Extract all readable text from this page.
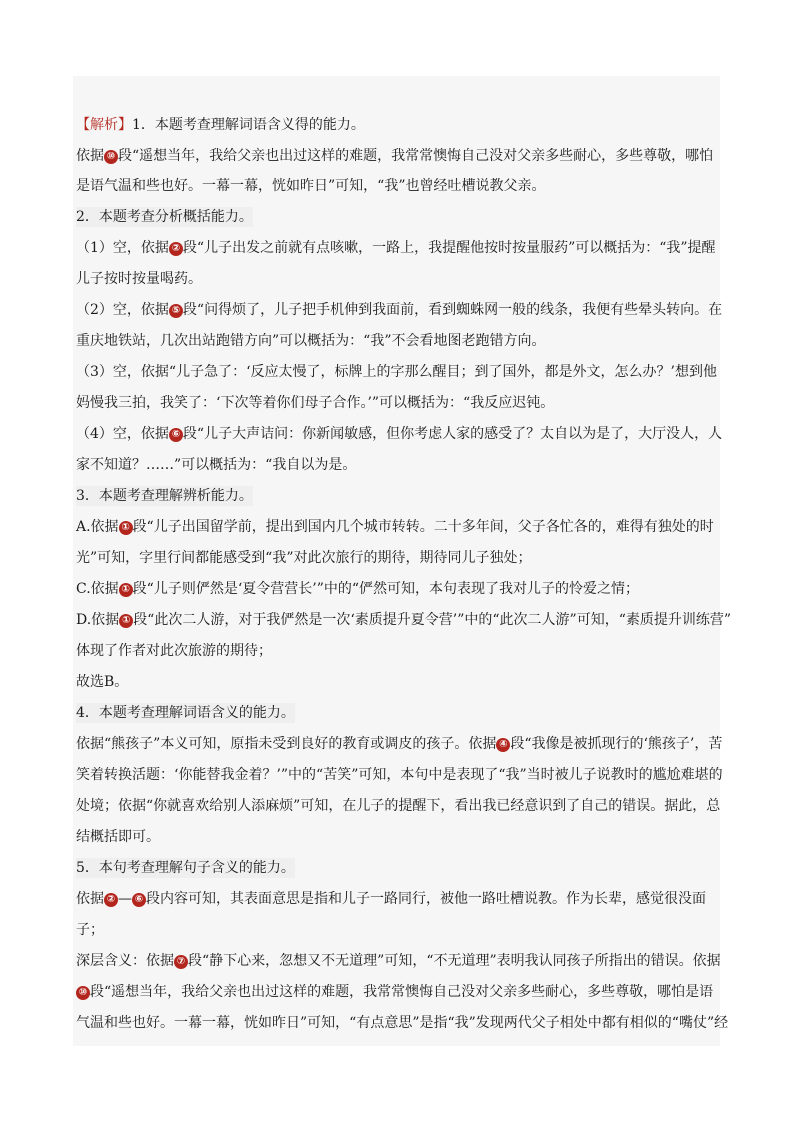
【解析】1．本题考查理解词语含义得的能力。
依据 ⑩ 段“遥想当年，我给父亲也出过这样的难题，我常常懊悔自己没对父亲多些耐心，多些尊敬，哪怕
是语气温和些也好。一幕一幕，恍如昨日”可知，“我”也曾经吐槽说教父亲。
2．本题考查分析概括能力。
（1）空，依据 ② 段“儿子出发之前就有点咳嗽，一路上，我提醒他按时按量服药”可以概括为：“我”提醒
儿子按时按量喝药。
（2）空，依据 ⑤ 段“问得烦了，儿子把手机伸到我面前，看到蜘蛛网一般的线条，我便有些晕头转向。在
重庆地铁站，几次出站跑错方向”可以概括为：“我”不会看地图老跑错方向。
（3）空，依据“儿子急了：‘反应太慢了，标牌上的字那么醒目；到了国外，都是外文，怎么办？’想到他
妈慢我三拍，我笑了：‘下次等着你们母子合作。’”可以概括为：“我反应迟钝。
（4）空，依据 ⑥ 段“儿子大声诘问：你新闻敏感，但你考虑人家的感受了？太自以为是了，大厅没人，人
家不知道？……”可以概括为：“我自以为是。
3．本题考查理解辨析能力。
A.依据 ① 段“儿子出国留学前，提出到国内几个城市转转。二十多年间，父子各忙各的，难得有独处的时
光”可知，字里行间都能感受到“我”对此次旅行的期待，期待同儿子独处；
C.依据 ① 段“儿子则俨然是‘夏令营营长’”中的“俨然可知，本句表现了我对儿子的怜爱之情；
D.依据 ① 段“此次二人游，对于我俨然是一次‘素质提升夏令营’”中的“此次二人游”可知，“素质提升训练营”
体现了作者对此次旅游的期待；
故选B。
4．本题考查理解词语含义的能力。
依据“熊孩子”本义可知，原指未受到良好的教育或调皮的孩子。依据 ④ 段“我像是被抓现行的‘熊孩子’，苦
笑着转换活题：‘你能替我金着？’”中的“苦笑”可知，本句中是表现了“我”当时被儿子说教时的尴尬难堪的
处境；依据“你就喜欢给别人添麻烦”可知，在儿子的提醒下，看出我已经意识到了自己的错误。据此，总
结概括即可。
5．本句考查理解句子含义的能力。
依据 ② — ⑥ 段内容可知，其表面意思是指和儿子一路同行，被他一路吐槽说教。作为长辈，感觉很没面
子；
深层含义：依据 ⑦ 段“静下心来，忽想又不无道理”可知，“不无道理”表明我认同孩子所指出的错误。依据
⑩ 段“遥想当年，我给父亲也出过这样的难题，我常常懊悔自己没对父亲多些耐心，多些尊敬，哪怕是语
气温和些也好。一幕一幕，恍如昨日”可知，“有点意思”是指“我”发现两代父子相处中都有相似的“嘴仗”经
